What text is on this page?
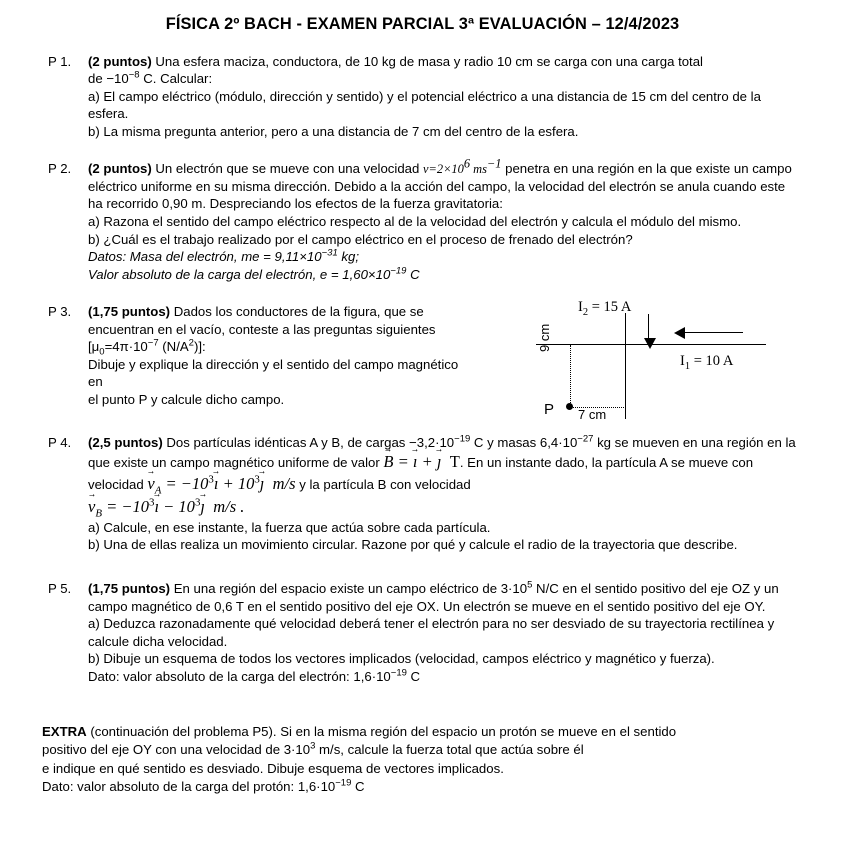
FÍSICA 2º BACH - EXAMEN PARCIAL 3ª EVALUACIÓN – 12/4/2023
P 1.	(2 puntos) Una esfera maciza, conductora, de 10 kg de masa y radio 10 cm se carga con una carga total
de $-10^{-8}$ C. Calcular:
a) El campo eléctrico (módulo, dirección y sentido) y el potencial eléctrico a una distancia de 15 cm del centro de la esfera.
b) La misma pregunta anterior, pero a una distancia de 7 cm del centro de la esfera.
P 2.	(2 puntos) Un electrón que se mueve con una velocidad $v=2\times 10^6$ $ms^{-1}$ penetra en una región en la que existe un campo eléctrico uniforme en su misma dirección. Debido a la acción del campo, la velocidad del electrón se anula cuando este ha recorrido 0,90 m. Despreciando los efectos de la fuerza gravitatoria:
a) Razona el sentido del campo eléctrico respecto al de la velocidad del electrón y calcula el módulo del mismo.
b) ¿Cuál es el trabajo realizado por el campo eléctrico en el proceso de frenado del electrón?
Datos: Masa del electrón, me = $9,11\times 10^{-31}$ kg;
Valor absoluto de la carga del electrón, $e = 1,60\times 10^{-19}$ C
P 3.	(1,75 puntos) Dados los conductores de la figura, que se
encuentran en el vacío, conteste a las preguntas siguientes
[$\mu_0=4\pi\cdot 10^{-7}$ $(N/A^2)$]:
Dibuje y explique la dirección y el sentido del campo magnético en
el punto P y calcule dicho campo.
$I_2 = 15$ A
$I_1 = 10$ A
P
9 cm
7 cm
P 4.	(2,5 puntos) Dos partículas idénticas A y B, de cargas $-3,2\cdot 10^{-19}$ C y masas $6,4\cdot 10^{-27}$ kg se mueven en una región en la que existe un campo magnético uniforme de valor B → = ı → + ȷ → T. En un instante dado, la partícula A se mueve con velocidad $v \to_A$ = $-10^3ı$ → + $10^3ȷ \to m/s$ y la partícula B con velocidad
$v \to_B$ = $-10^3ı$ → − $10^3ȷ \to m/s$ .
a) Calcule, en ese instante, la fuerza que actúa sobre cada partícula.
b) Una de ellas realiza un movimiento circular. Razone por qué y calcule el radio de la trayectoria que describe.
P 5.	(1,75 puntos) En una región del espacio existe un campo eléctrico de $3\cdot 10^5$ N/C en el sentido positivo del eje OZ y un campo magnético de 0,6 T en el sentido positivo del eje OX. Un electrón se mueve en el sentido positivo del eje OY.
a) Deduzca razonadamente qué velocidad deberá tener el electrón para no ser desviado de su trayectoria rectilínea y calcule dicha velocidad.
b) Dibuje un esquema de todos los vectores implicados (velocidad, campos eléctrico y magnético y fuerza).
Dato: valor absoluto de la carga del electrón: $1,6\cdot 10^{-19}$ C
EXTRA (continuación del problema P5). Si en la misma región del espacio un protón se mueve en el sentido
positivo del eje OY con una velocidad de $3\cdot 10^3$ m/s, calcule la fuerza total que actúa sobre él
e indique en qué sentido es desviado. Dibuje esquema de vectores implicados.
Dato: valor absoluto de la carga del protón: $1,6\cdot 10^{-19}$ C
